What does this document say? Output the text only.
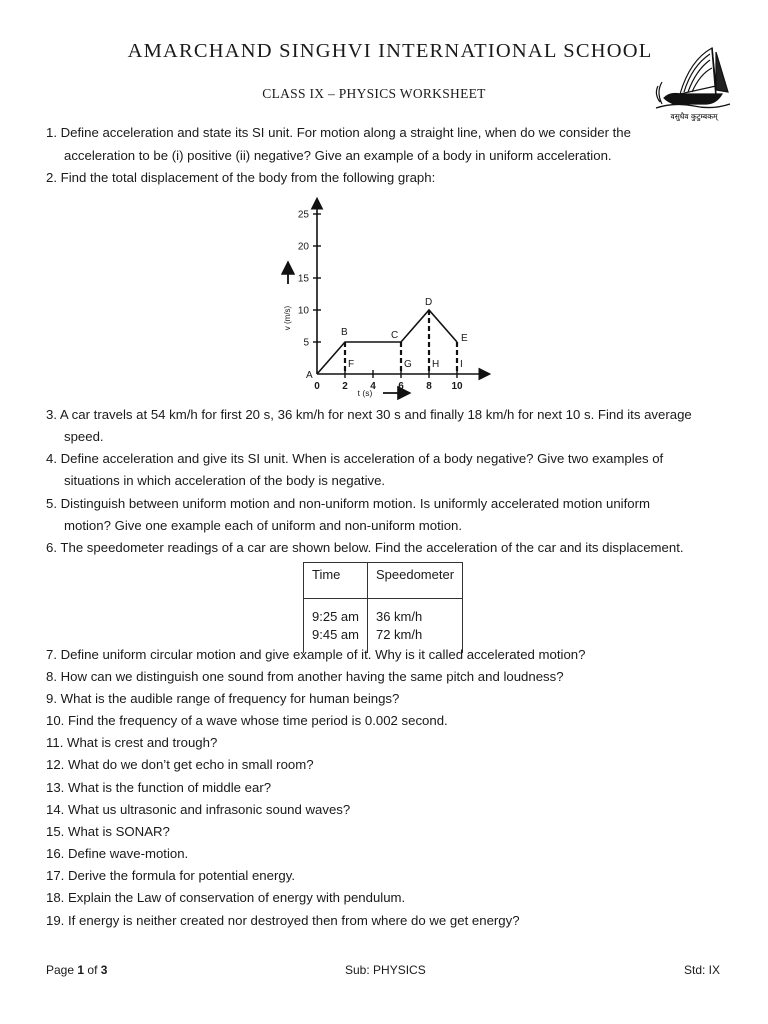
AMARCHAND SINGHVI INTERNATIONAL SCHOOL
CLASS IX – PHYSICS WORKSHEET
वसुधैव कुटुम्बकम्
1. Define acceleration and state its SI unit. For motion along a straight line, when do we consider the
acceleration to be (i) positive (ii) negative? Give an example of a body in uniform acceleration.
2. Find the total displacement of the body from the following graph:
5
10
15
20
25
0 2 4 6 8 10
A
B	C
D
E
F	G H I
v (m/s)
t (s)
3. A car travels at 54 km/h for first 20 s, 36 km/h for next 30 s and finally 18 km/h for next 10 s. Find its average
speed.
4. Define acceleration and give its SI unit. When is acceleration of a body negative? Give two examples of
situations in which acceleration of the body is negative.
5. Distinguish between uniform motion and non-uniform motion. Is uniformly accelerated motion uniform
motion? Give one example each of uniform and non-uniform motion.
6. The speedometer readings of a car are shown below. Find the acceleration of the car and its displacement.
Time	Speedometer
9:25 am	36 km/h
9:45 am	72 km/h
7. Define uniform circular motion and give example of it. Why is it called accelerated motion?
8. How can we distinguish one sound from another having the same pitch and loudness?
9. What is the audible range of frequency for human beings?
10. Find the frequency of a wave whose time period is 0.002 second.
11. What is crest and trough?
12. What do we don’t get echo in small room?
13. What is the function of middle ear?
14. What us ultrasonic and infrasonic sound waves?
15. What is SONAR?
16. Define wave-motion.
17. Derive the formula for potential energy.
18. Explain the Law of conservation of energy with pendulum.
19. If energy is neither created nor destroyed then from where do we get energy?
Page 1 of 3	Sub: PHYSICS	Std: IX
